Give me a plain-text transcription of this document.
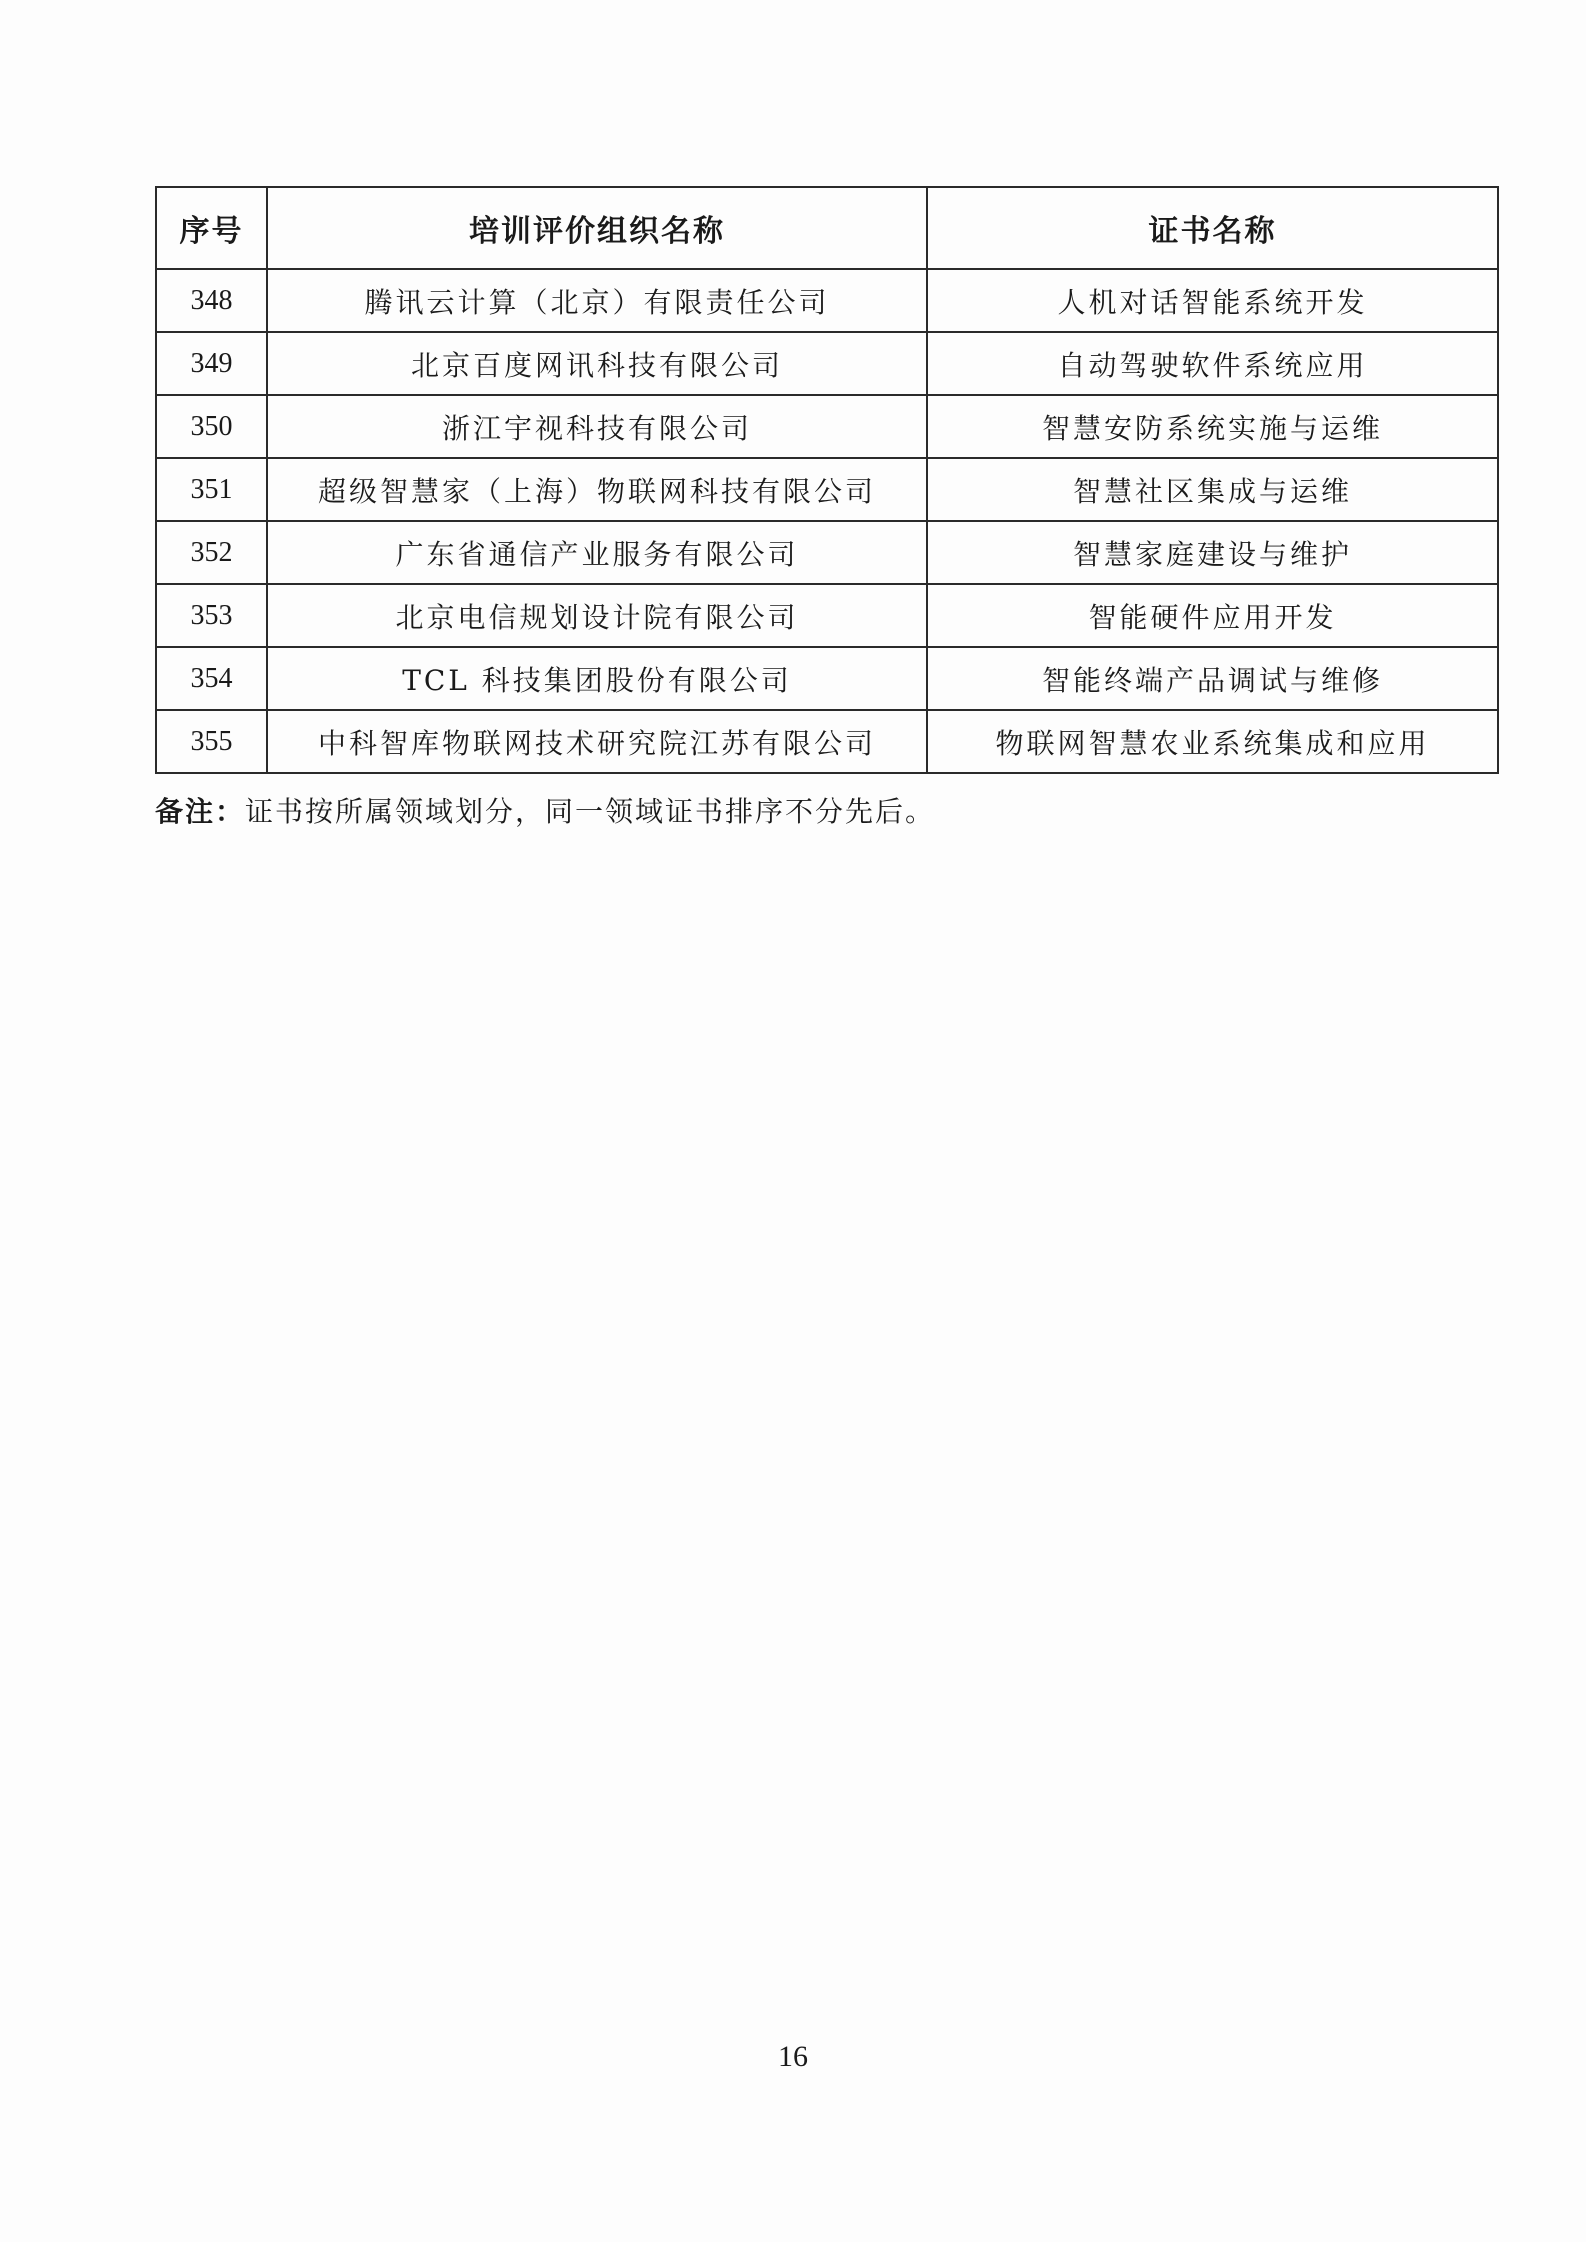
序号	培训评价组织名称	证书名称
348	腾讯云计算（北京）有限责任公司	人机对话智能系统开发
349	北京百度网讯科技有限公司	自动驾驶软件系统应用
350	浙江宇视科技有限公司	智慧安防系统实施与运维
351	超级智慧家（上海）物联网科技有限公司	智慧社区集成与运维
352	广东省通信产业服务有限公司	智慧家庭建设与维护
353	北京电信规划设计院有限公司	智能硬件应用开发
354	TCL 科技集团股份有限公司	智能终端产品调试与维修
355	中科智库物联网技术研究院江苏有限公司	物联网智慧农业系统集成和应用
备注：证书按所属领域划分，同一领域证书排序不分先后。
16
